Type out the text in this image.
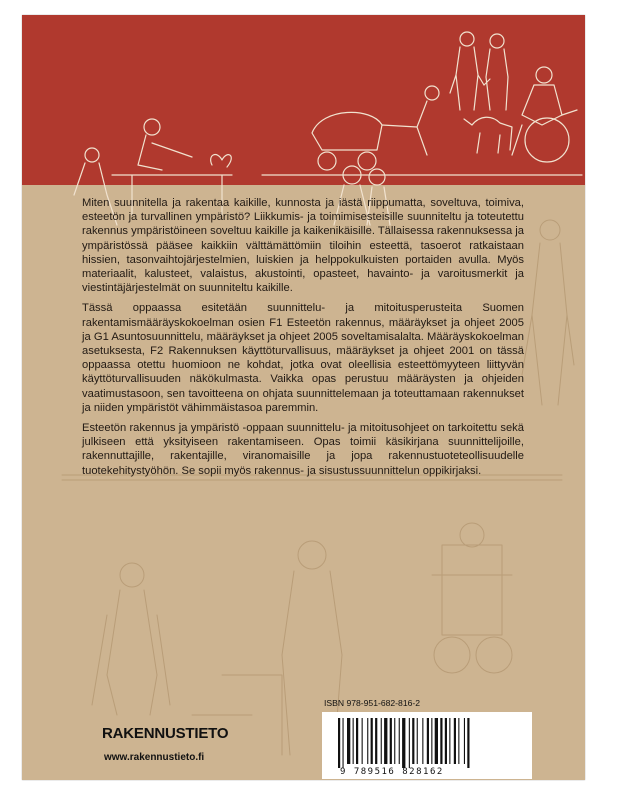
Miten suunnitella ja rakentaa kaikille, kunnosta ja iästä riippumatta, soveltuva, toimiva, esteetön ja turvallinen ympäristö? Liikkumis- ja toimimisesteisille suunniteltu ja toteutettu rakennus ympäristöineen soveltuu kaikille ja kaikenikäisille. Tällaisessa rakennuksessa ja ympäristössä pääsee kaikkiin välttämättömiin tiloihin esteettä, tasoerot ratkaistaan hissien, tasonvaihtojärjestelmien, luiskien ja helppokulkuisten portaiden avulla. Myös materiaalit, kalusteet, valaistus, akustointi, opasteet, havainto- ja varoitusmerkit ja viestintäjärjestelmät on suunniteltu kaikille.

Tässä oppaassa esitetään suunnittelu- ja mitoitusperusteita Suomen rakentamismääräyskokoelman osien F1 Esteetön rakennus, määräykset ja ohjeet 2005 ja G1 Asuntosuunnittelu, määräykset ja ohjeet 2005 soveltamisalalta. Määräyskokoelman asetuksesta, F2 Rakennuksen käyttöturvallisuus, määräykset ja ohjeet 2001 on tässä oppaassa otettu huomioon ne kohdat, jotka ovat oleellisia esteettömyyteen liittyvän käyttöturvallisuuden näkökulmasta. Vaikka opas perustuu määräysten ja ohjeiden vaatimustasoon, sen tavoitteena on ohjata suunnittelemaan ja toteuttamaan rakennukset ja niiden ympäristöt vähimmäistasoa paremmin.

Esteetön rakennus ja ympäristö -oppaan suunnittelu- ja mitoitusohjeet on tarkoitettu sekä julkiseen että yksityiseen rakentamiseen. Opas toimii käsikirjana suunnittelijoille, rakennuttajille, rakentajille, viranomaisille ja jopa rakennustuoteteollisuudelle tuotekehitystyöhön. Se sopii myös rakennus- ja sisustussuunnittelun oppikirjaksi.

RAKENNUSTIETO
www.rakennustieto.fi
ISBN 978-951-682-816-2
9 789516 828162
